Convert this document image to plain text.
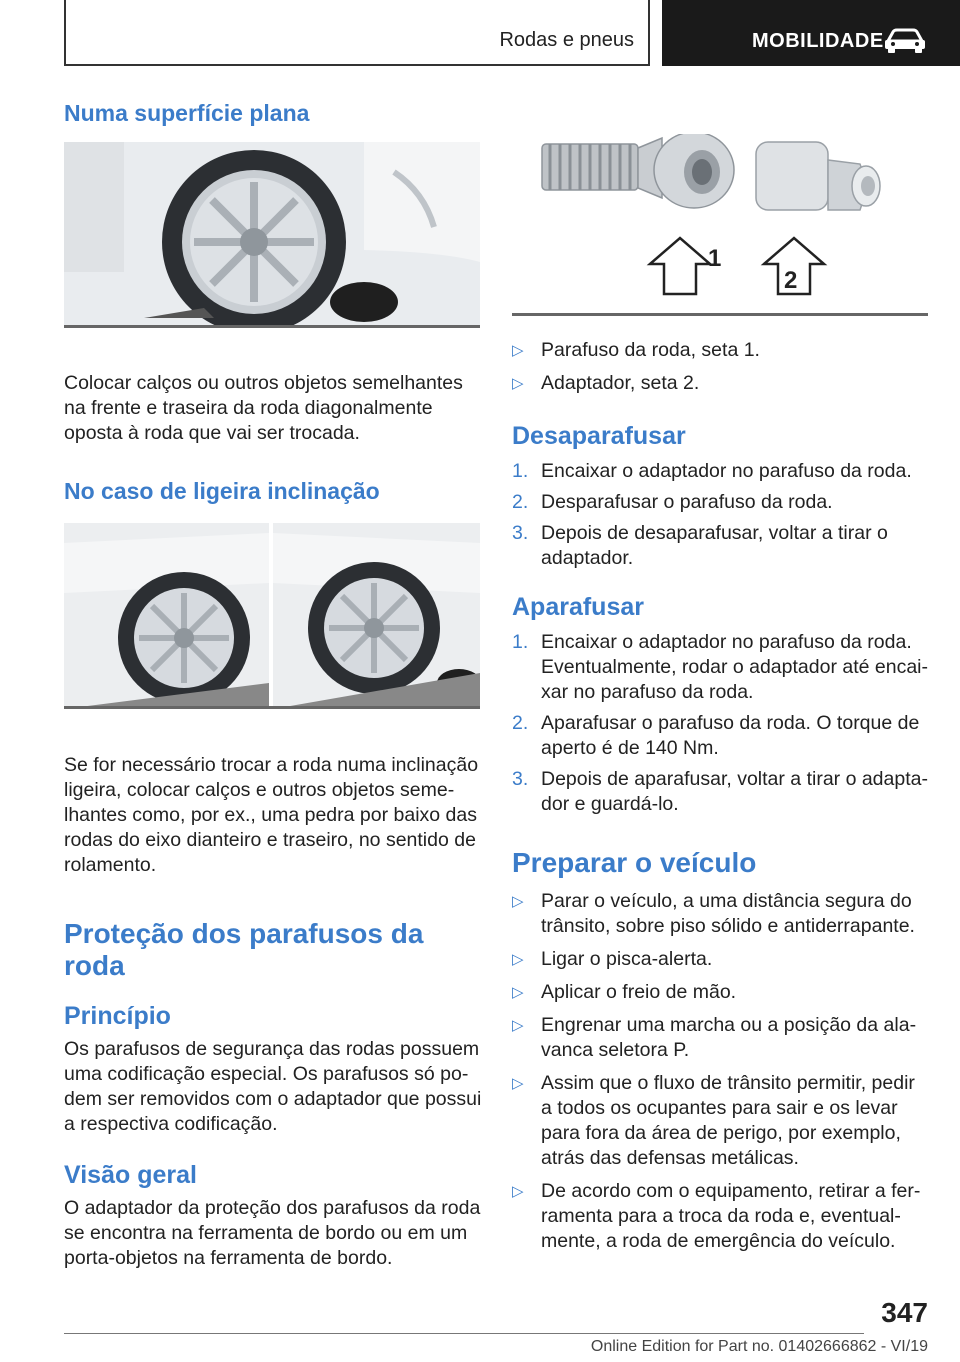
Rodas e pneus	MOBILIDADE
Numa superfície plana

Colocar calços ou outros objetos semelhantes na frente e traseira da roda diagonalmente oposta à roda que vai ser trocada.

No caso de ligeira inclinação

Se for necessário trocar a roda numa inclinação ligeira, colocar calços e outros objetos semelhantes como, por ex., uma pedra por baixo das rodas do eixo dianteiro e traseiro, no sentido de rolamento.

Proteção dos parafusos da roda
Princípio

Os parafusos de segurança das rodas possuem uma codificação especial. Os parafusos só podem ser removidos com o adaptador que possui a respectiva codificação.

Visão geral

O adaptador da proteção dos parafusos da roda se encontra na ferramenta de bordo ou em um porta-objetos na ferramenta de bordo.

1
2
▷ Parafuso da roda, seta 1.
▷ Adaptador, seta 2.
Desaparafusar
1. Encaixar o adaptador no parafuso da roda.
2. Desparafusar o parafuso da roda.
3. Depois de desaparafusar, voltar a tirar o adaptador.
Aparafusar
1. Encaixar o adaptador no parafuso da roda. Eventualmente, rodar o adaptador até encaixar no parafuso da roda.
2. Aparafusar o parafuso da roda. O torque de aperto é de 140 Nm.
3. Depois de aparafusar, voltar a tirar o adaptador e guardá-lo.
Preparar o veículo
▷ Parar o veículo, a uma distância segura do trânsito, sobre piso sólido e antiderrapante.
▷ Ligar o pisca-alerta.
▷ Aplicar o freio de mão.
▷ Engrenar uma marcha ou a posição da alavanca seletora P.
▷ Assim que o fluxo de trânsito permitir, pedir a todos os ocupantes para sair e os levar para fora da área de perigo, por exemplo, atrás das defensas metálicas.
▷ De acordo com o equipamento, retirar a ferramenta para a troca da roda e, eventualmente, a roda de emergência do veículo.
347
Online Edition for Part no. 01402666862 - VI/19
